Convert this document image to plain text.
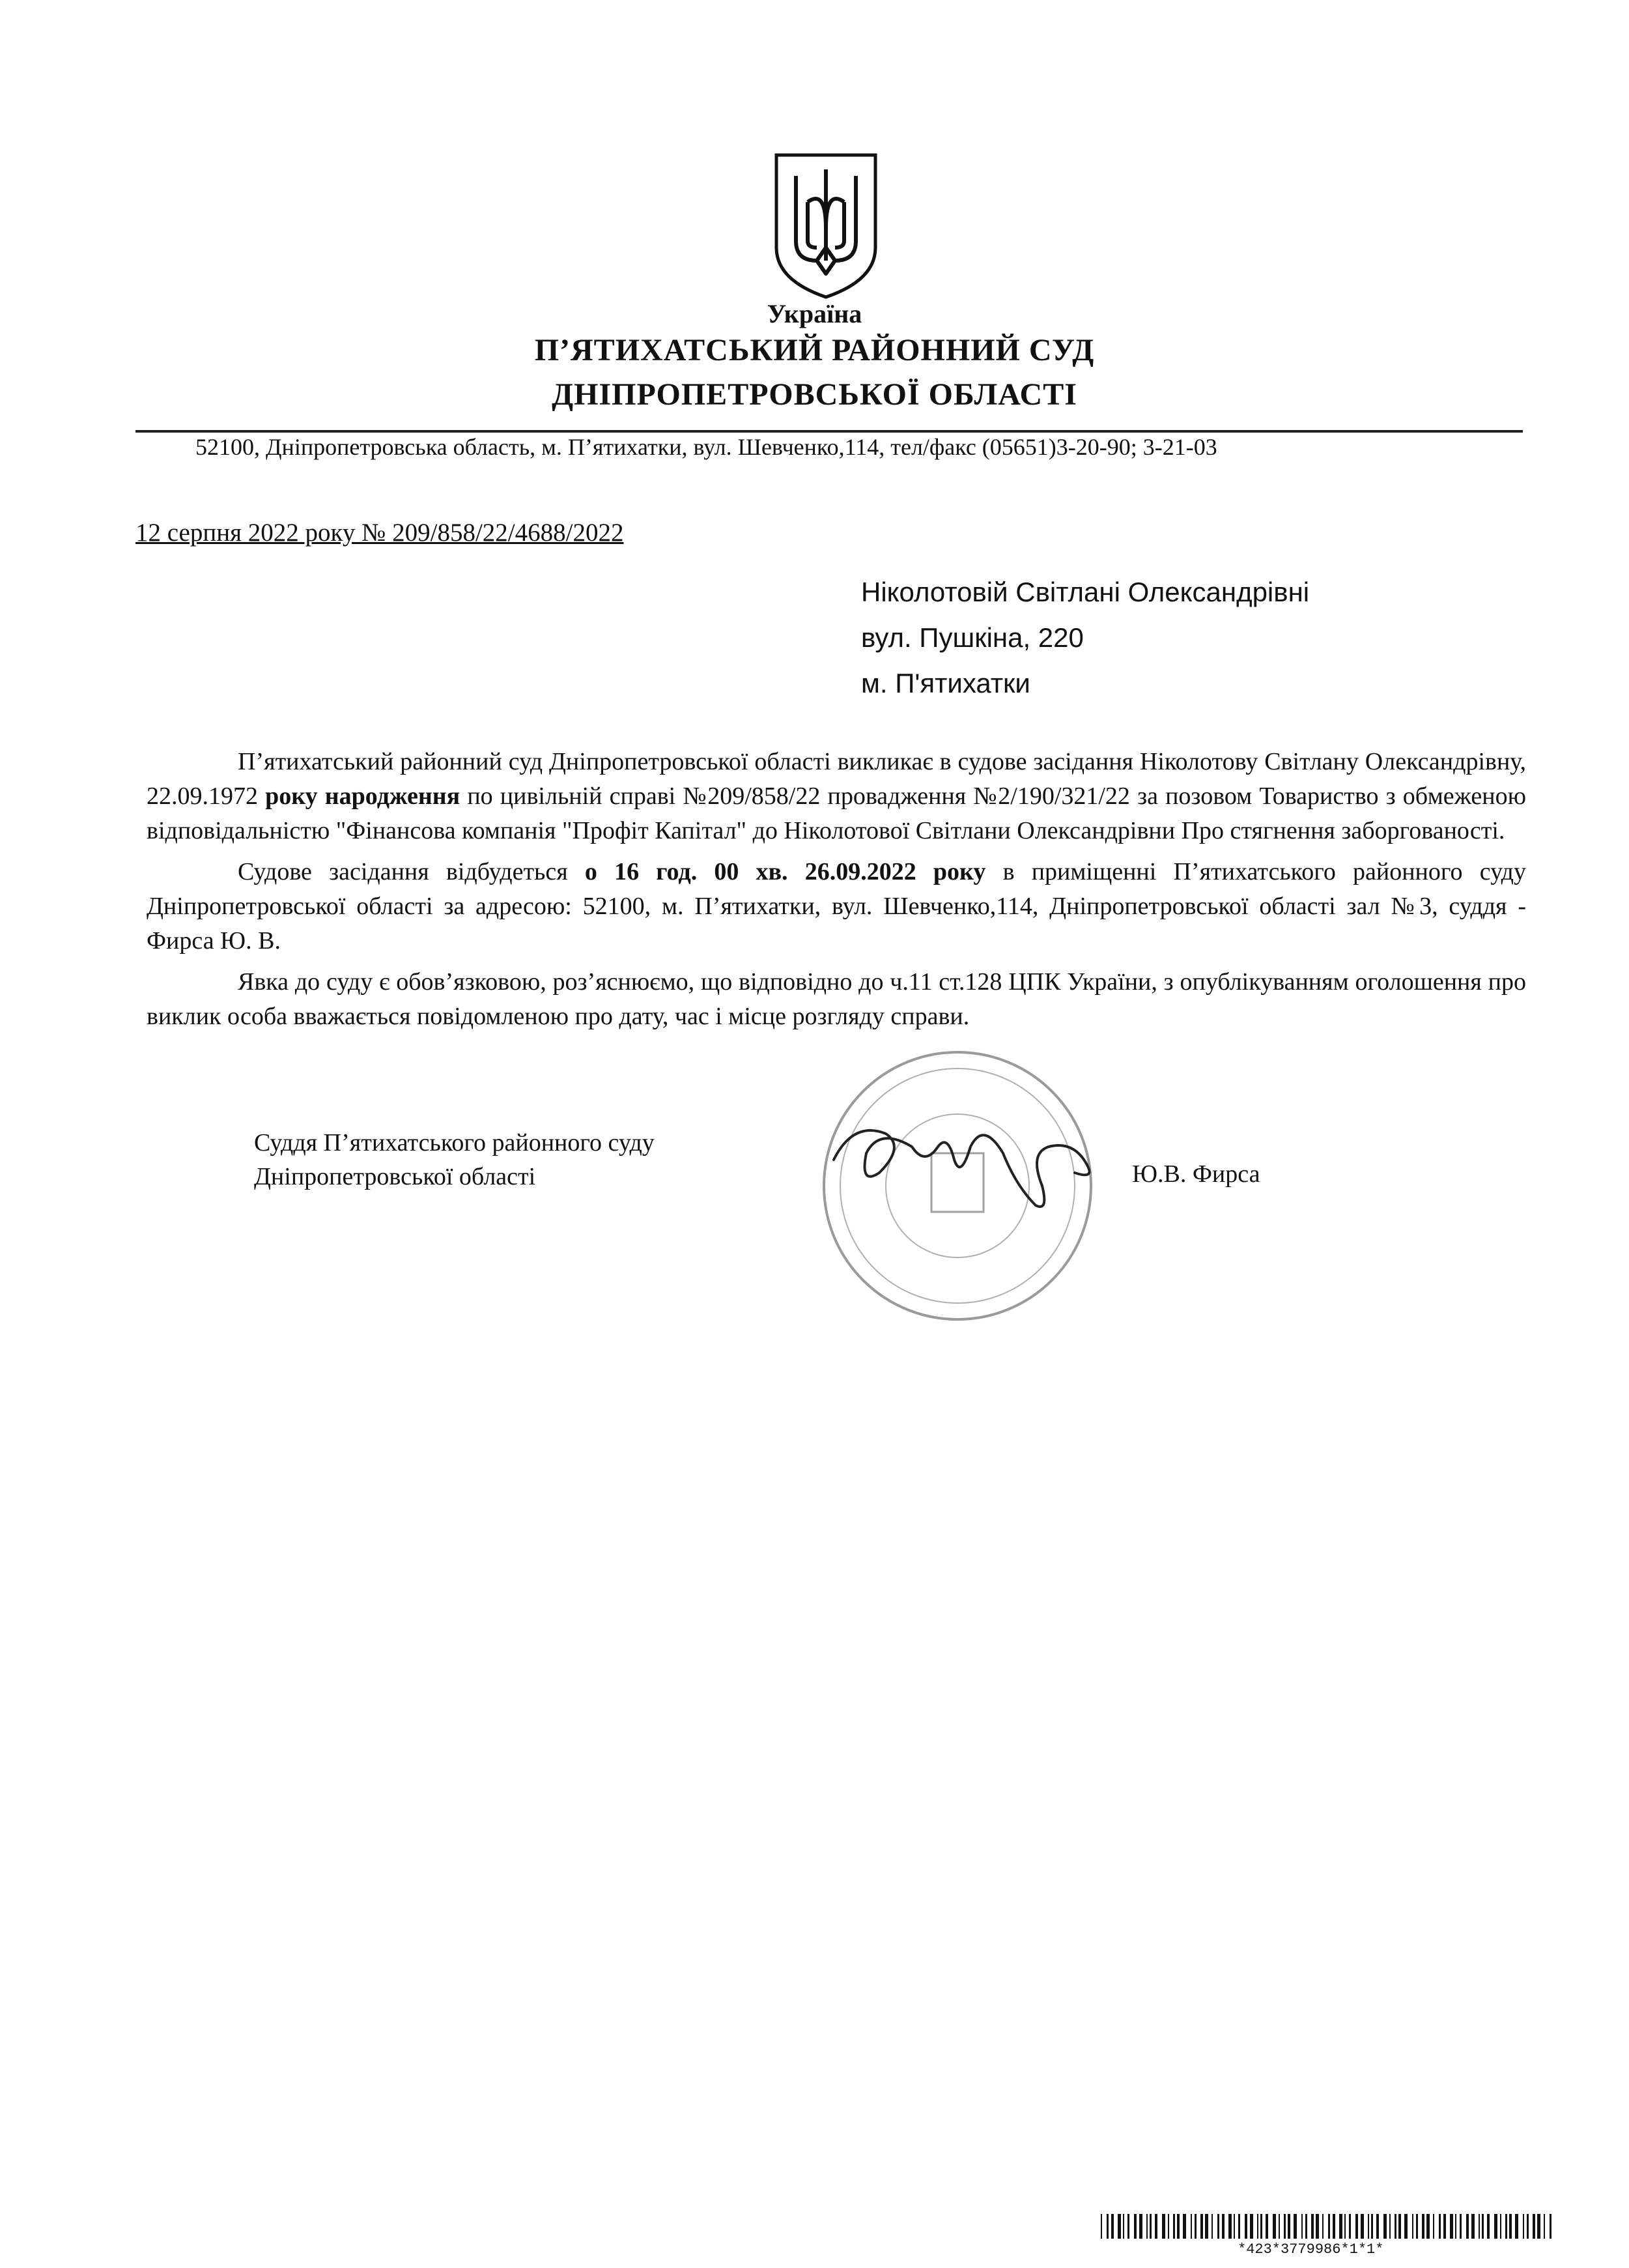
Україна
П’ЯТИХАТСЬКИЙ РАЙОННИЙ СУД
ДНІПРОПЕТРОВСЬКОЇ ОБЛАСТІ
52100, Дніпропетровська область, м. П’ятихатки, вул. Шевченко,114, тел/факс (05651)3-20-90; 3-21-03
12 серпня 2022 року № 209/858/22/4688/2022
Ніколотовій Світлані Олександрівні
вул. Пушкіна, 220
м. П'ятихатки

П’ятихатський районний суд Дніпропетровської області викликає в судове засідання Ніколотову Світлану Олександрівну, 22.09.1972 року народження по цивільній справі №209/858/22 провадження №2/190/321/22 за позовом Товариство з обмеженою відповідальністю "Фінансова компанія "Профіт Капітал" до Ніколотової Світлани Олександрівни Про стягнення заборгованості.

Судове засідання відбудеться о 16 год. 00 хв. 26.09.2022 року в приміщенні П’ятихатського районного суду Дніпропетровської області за адресою: 52100, м. П’ятихатки, вул. Шевченко,114, Дніпропетровської області зал №3, суддя - Фирса Ю. В.

Явка до суду є обов’язковою, роз’яснюємо, що відповідно до ч.11 ст.128 ЦПК України, з опублікуванням оголошення про виклик особа вважається повідомленою про дату, час і місце розгляду справи.

Суддя П’ятихатського районного суду
Дніпропетровської області	Ю.В. Фирса
*423*3779986*1*1*
